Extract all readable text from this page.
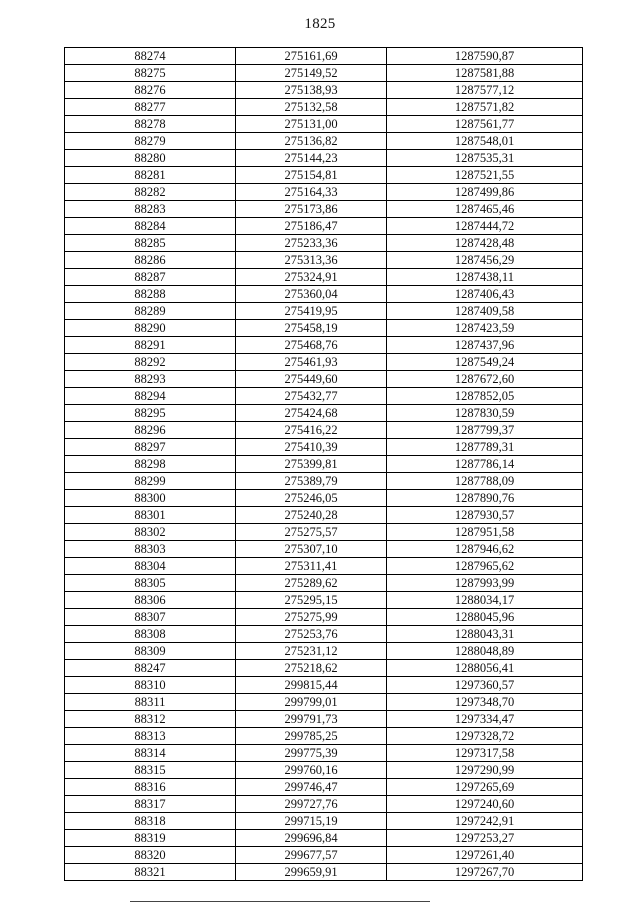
1825
88274	275161,69	1287590,87
88275	275149,52	1287581,88
88276	275138,93	1287577,12
88277	275132,58	1287571,82
88278	275131,00	1287561,77
88279	275136,82	1287548,01
88280	275144,23	1287535,31
88281	275154,81	1287521,55
88282	275164,33	1287499,86
88283	275173,86	1287465,46
88284	275186,47	1287444,72
88285	275233,36	1287428,48
88286	275313,36	1287456,29
88287	275324,91	1287438,11
88288	275360,04	1287406,43
88289	275419,95	1287409,58
88290	275458,19	1287423,59
88291	275468,76	1287437,96
88292	275461,93	1287549,24
88293	275449,60	1287672,60
88294	275432,77	1287852,05
88295	275424,68	1287830,59
88296	275416,22	1287799,37
88297	275410,39	1287789,31
88298	275399,81	1287786,14
88299	275389,79	1287788,09
88300	275246,05	1287890,76
88301	275240,28	1287930,57
88302	275275,57	1287951,58
88303	275307,10	1287946,62
88304	275311,41	1287965,62
88305	275289,62	1287993,99
88306	275295,15	1288034,17
88307	275275,99	1288045,96
88308	275253,76	1288043,31
88309	275231,12	1288048,89
88247	275218,62	1288056,41
88310	299815,44	1297360,57
88311	299799,01	1297348,70
88312	299791,73	1297334,47
88313	299785,25	1297328,72
88314	299775,39	1297317,58
88315	299760,16	1297290,99
88316	299746,47	1297265,69
88317	299727,76	1297240,60
88318	299715,19	1297242,91
88319	299696,84	1297253,27
88320	299677,57	1297261,40
88321	299659,91	1297267,70
